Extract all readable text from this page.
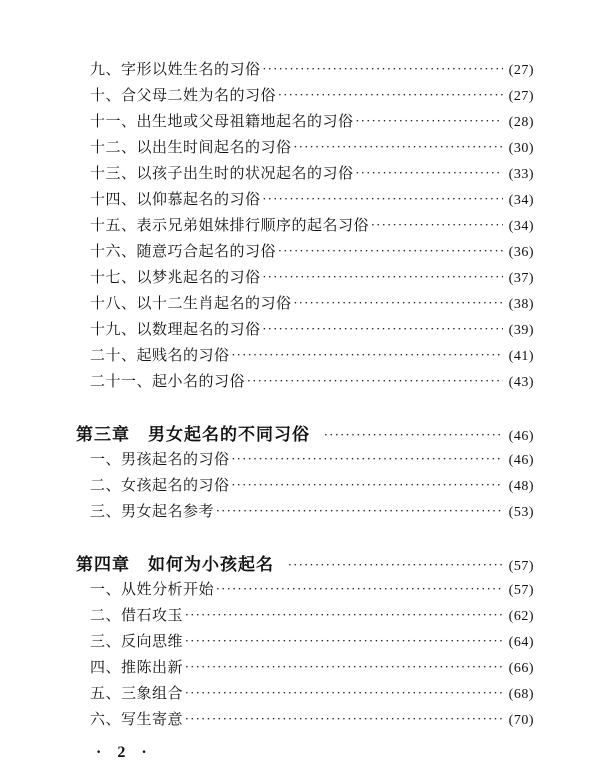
九、字形以姓生名的习俗 ·····	(27)
十、合父母二姓为名的习俗 ·····	(27)
十一、出生地或父母祖籍地起名的习俗 ·····	(28)
十二、以出生时间起名的习俗 ·····	(30)
十三、以孩子出生时的状况起名的习俗 ·····	(33)
十四、以仰慕起名的习俗 ·····	(34)
十五、表示兄弟姐妹排行顺序的起名习俗 ·····	(34)
十六、随意巧合起名的习俗 ·····	(36)
十七、以梦兆起名的习俗 ·····	(37)
十八、以十二生肖起名的习俗 ·····	(38)
十九、以数理起名的习俗 ·····	(39)
二十、起贱名的习俗 ·····	(41)
二十一、起小名的习俗 ·····	(43)
第三章 男女起名的不同习俗 ·····	(46)
一、男孩起名的习俗 ·····	(46)
二、女孩起名的习俗 ·····	(48)
三、男女起名参考 ·····	(53)
第四章 如何为小孩起名 ·····	(57)
一、从姓分析开始 ·····	(57)
二、借石攻玉 ·····	(62)
三、反向思维 ·····	(64)
四、推陈出新 ·····	(66)
五、三象组合 ·····	(68)
六、写生寄意 ·····	(70)
· 2 ·
